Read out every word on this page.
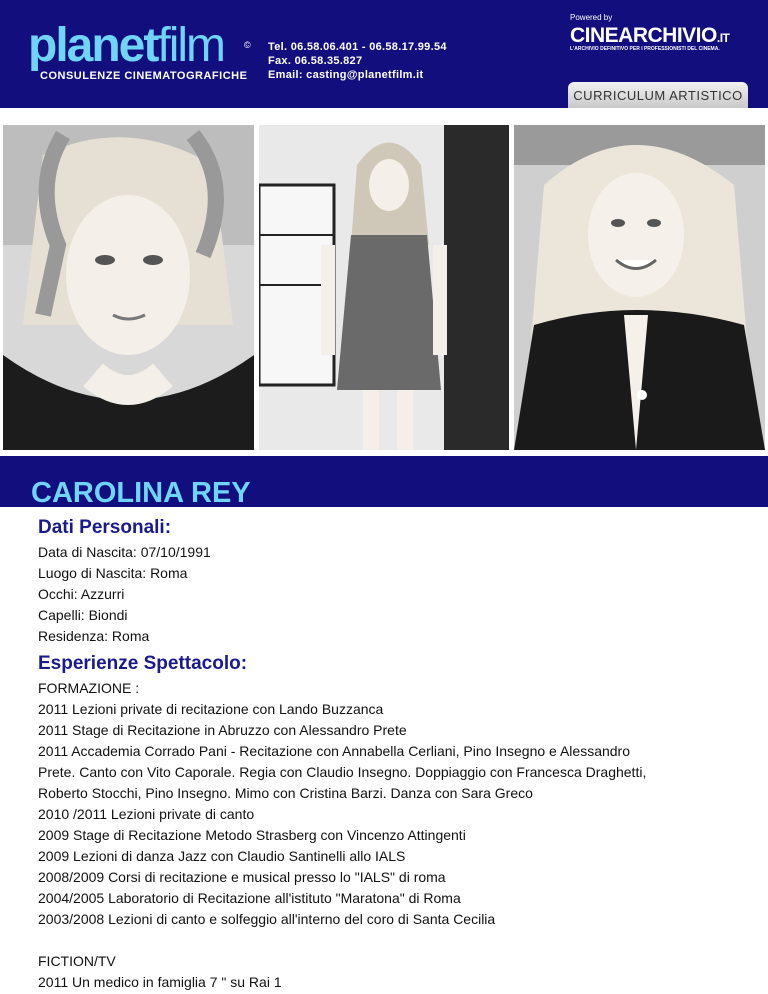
planetfilm ©
CONSULENZE CINEMATOGRAFICHE
Tel. 06.58.06.401 - 06.58.17.99.54
Fax. 06.58.35.827
Email: casting@planetfilm.it
Powered by
CINEARCHIVIO.IT
L'ARCHIVIO DEFINITIVO PER I PROFESSIONISTI DEL CINEMA.
CURRICULUM ARTISTICO
CAROLINA REY
Dati Personali:
Data di Nascita: 07/10/1991
Luogo di Nascita: Roma
Occhi: Azzurri
Capelli: Biondi
Residenza: Roma
Esperienze Spettacolo:
FORMAZIONE :
2011 Lezioni private di recitazione con Lando Buzzanca
2011 Stage di Recitazione in Abruzzo con Alessandro Prete
2011 Accademia Corrado Pani - Recitazione con Annabella Cerliani, Pino Insegno e Alessandro
Prete. Canto con Vito Caporale. Regia con Claudio Insegno. Doppiaggio con Francesca Draghetti,
Roberto Stocchi, Pino Insegno. Mimo con Cristina Barzi. Danza con Sara Greco
2010 /2011 Lezioni private di canto
2009 Stage di Recitazione Metodo Strasberg con Vincenzo Attingenti
2009 Lezioni di danza Jazz con Claudio Santinelli allo IALS
2008/2009 Corsi di recitazione e musical presso lo "IALS" di roma
2004/2005 Laboratorio di Recitazione all'istituto "Maratona" di Roma
2003/2008 Lezioni di canto e solfeggio all'interno del coro di Santa Cecilia
FICTION/TV
2011 Un medico in famiglia 7 " su Rai 1
